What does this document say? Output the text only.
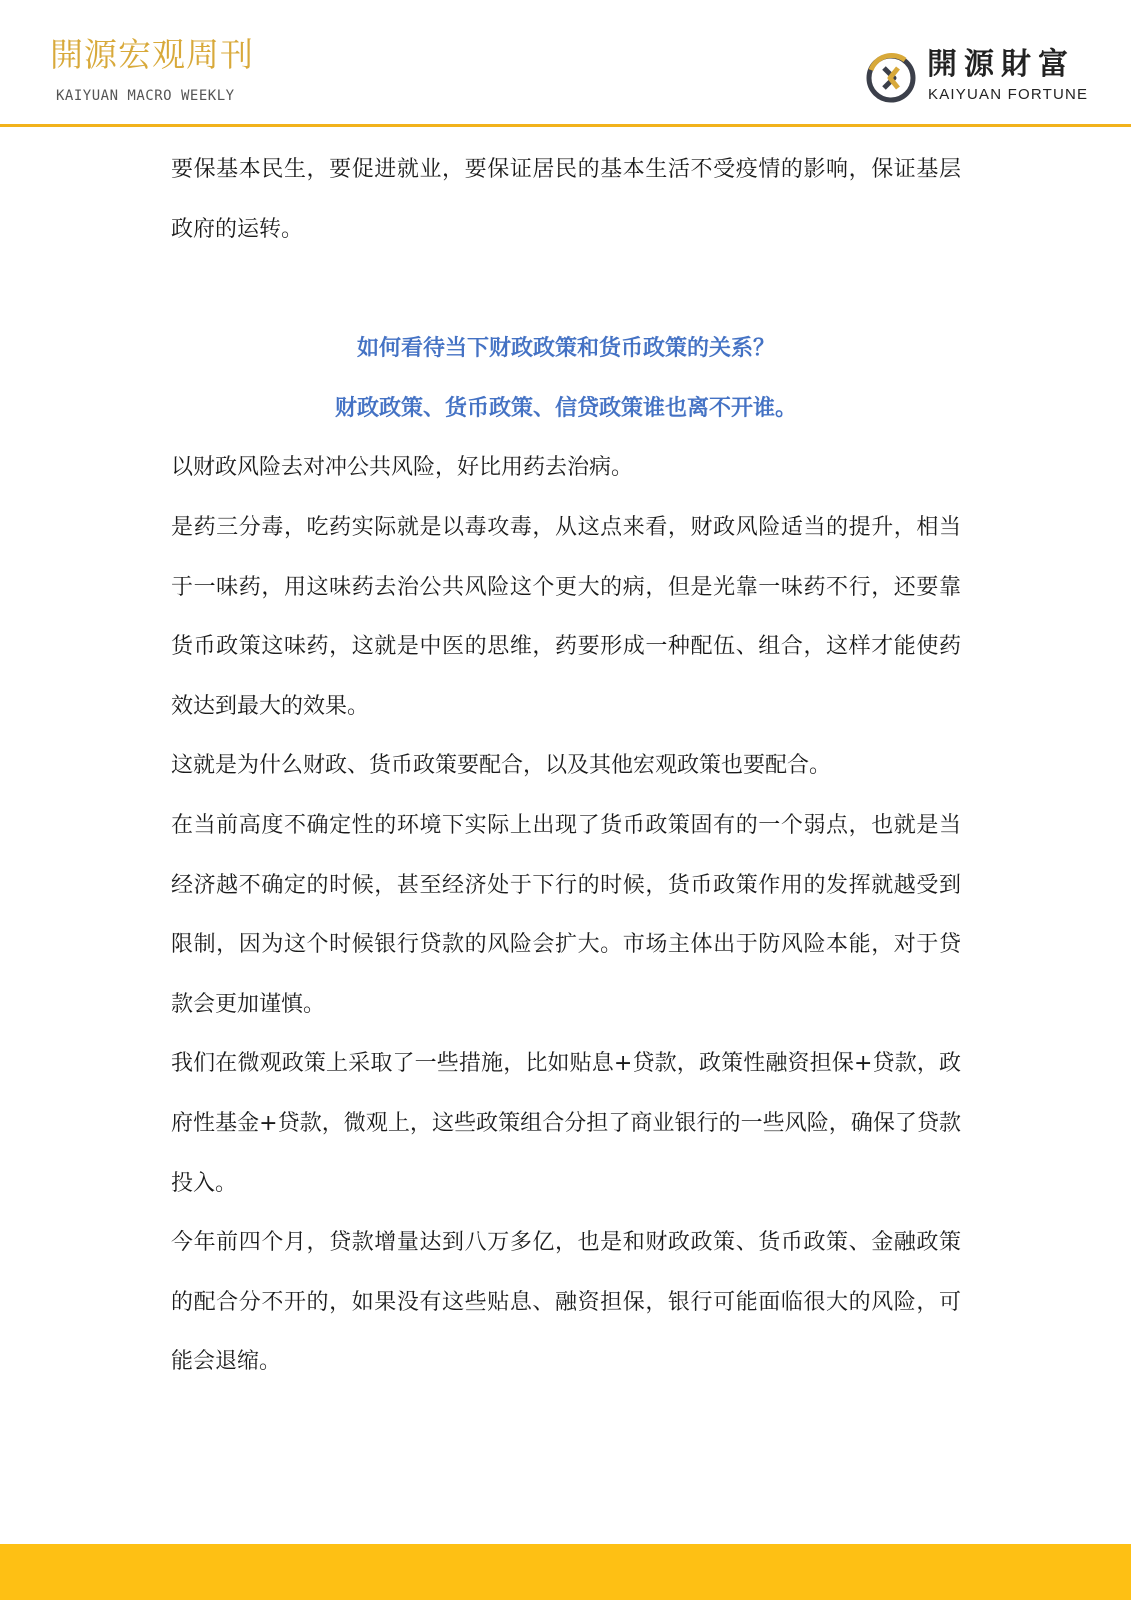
開源宏观周刊
KAIYUAN MACRO WEEKLY
開源財富
KAIYUAN FORTUNE

要保基本民生，要促进就业，要保证居民的基本生活不受疫情的影响，保证基层政府的运转。

如何看待当下财政政策和货币政策的关系？

财政政策、货币政策、信贷政策谁也离不开谁。

以财政风险去对冲公共风险，好比用药去治病。

是药三分毒，吃药实际就是以毒攻毒，从这点来看，财政风险适当的提升，相当于一味药，用这味药去治公共风险这个更大的病，但是光靠一味药不行，还要靠货币政策这味药，这就是中医的思维，药要形成一种配伍、组合，这样才能使药效达到最大的效果。

这就是为什么财政、货币政策要配合，以及其他宏观政策也要配合。

在当前高度不确定性的环境下实际上出现了货币政策固有的一个弱点，也就是当经济越不确定的时候，甚至经济处于下行的时候，货币政策作用的发挥就越受到限制，因为这个时候银行贷款的风险会扩大。市场主体出于防风险本能，对于贷款会更加谨慎。

我们在微观政策上采取了一些措施，比如贴息+贷款，政策性融资担保+贷款，政府性基金+贷款，微观上，这些政策组合分担了商业银行的一些风险，确保了贷款投入。

今年前四个月，贷款增量达到八万多亿，也是和财政政策、货币政策、金融政策的配合分不开的，如果没有这些贴息、融资担保，银行可能面临很大的风险，可能会退缩。
